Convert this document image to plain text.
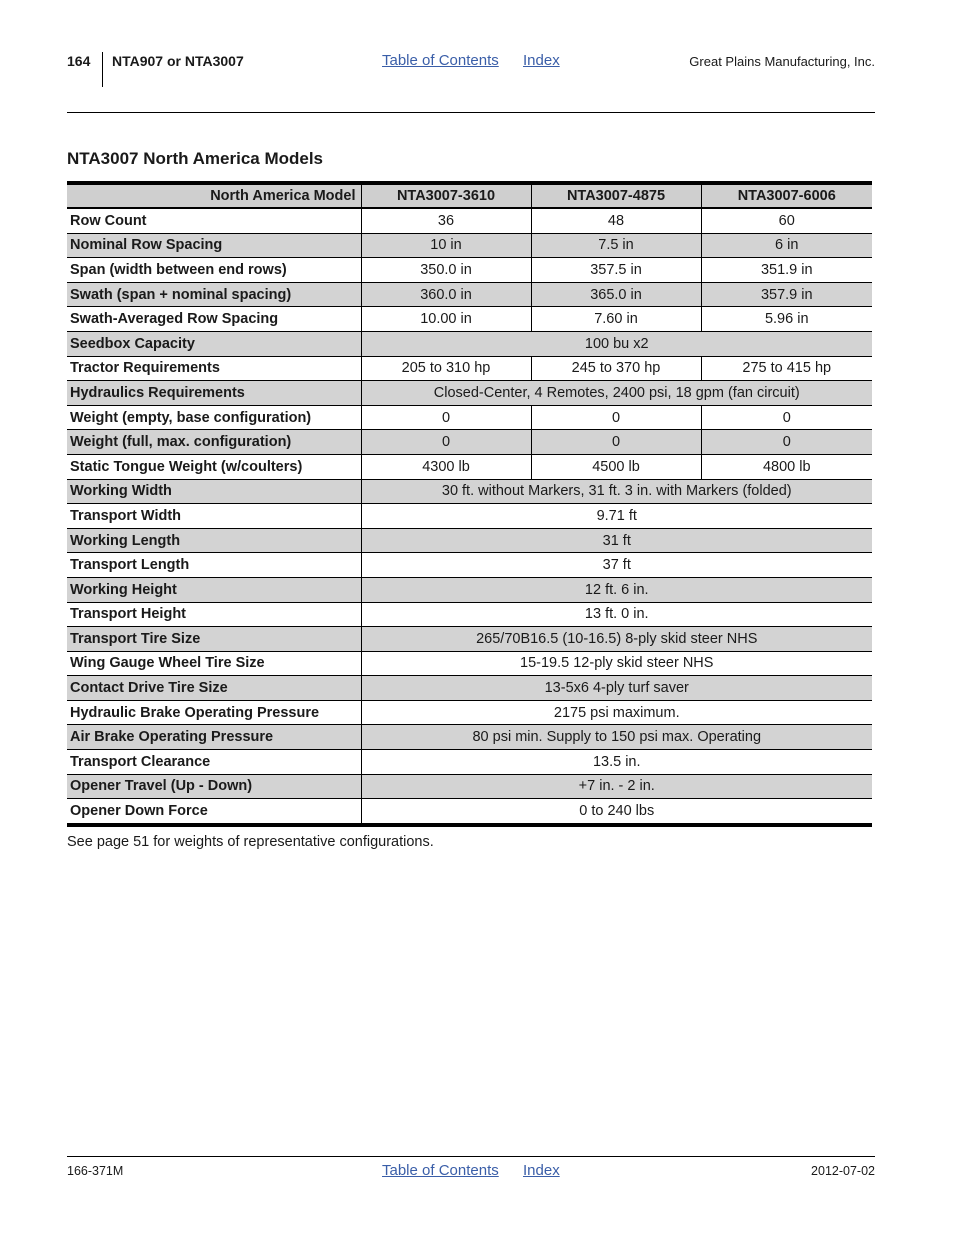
164 NTA907 or NTA3007	Table of Contents Index	Great Plains Manufacturing, Inc.
NTA3007 North America Models
North America Model	NTA3007-3610	NTA3007-4875	NTA3007-6006
Row Count	36	48	60
Nominal Row Spacing	10 in	7.5 in	6 in
Span (width between end rows)	350.0 in	357.5 in	351.9 in
Swath (span + nominal spacing)	360.0 in	365.0 in	357.9 in
Swath-Averaged Row Spacing	10.00 in	7.60 in	5.96 in
Seedbox Capacity	100 bu x2		
Tractor Requirements	205 to 310 hp	245 to 370 hp	275 to 415 hp
Hydraulics Requirements	Closed-Center, 4 Remotes, 2400 psi, 18 gpm (fan circuit)		
Weight (empty, base configuration)	0	0	0
Weight (full, max. configuration)	0	0	0
Static Tongue Weight (w/coulters)	4300 lb	4500 lb	4800 lb
Working Width	30 ft. without Markers, 31 ft. 3 in. with Markers (folded)		
Transport Width	9.71 ft		
Working Length	31 ft		
Transport Length	37 ft		
Working Height	12 ft. 6 in.		
Transport Height	13 ft. 0 in.		
Transport Tire Size	265/70B16.5 (10-16.5) 8-ply skid steer NHS		
Wing Gauge Wheel Tire Size	15-19.5 12-ply skid steer NHS		
Contact Drive Tire Size	13-5x6 4-ply turf saver		
Hydraulic Brake Operating Pressure	2175 psi maximum.		
Air Brake Operating Pressure	80 psi min. Supply to 150 psi max. Operating		
Transport Clearance	13.5 in.		
Opener Travel (Up - Down)	+7 in. - 2 in.		
Opener Down Force	0 to 240 lbs		
See page 51 for weights of representative configurations.
166-371M	Table of Contents Index	2012-07-02
